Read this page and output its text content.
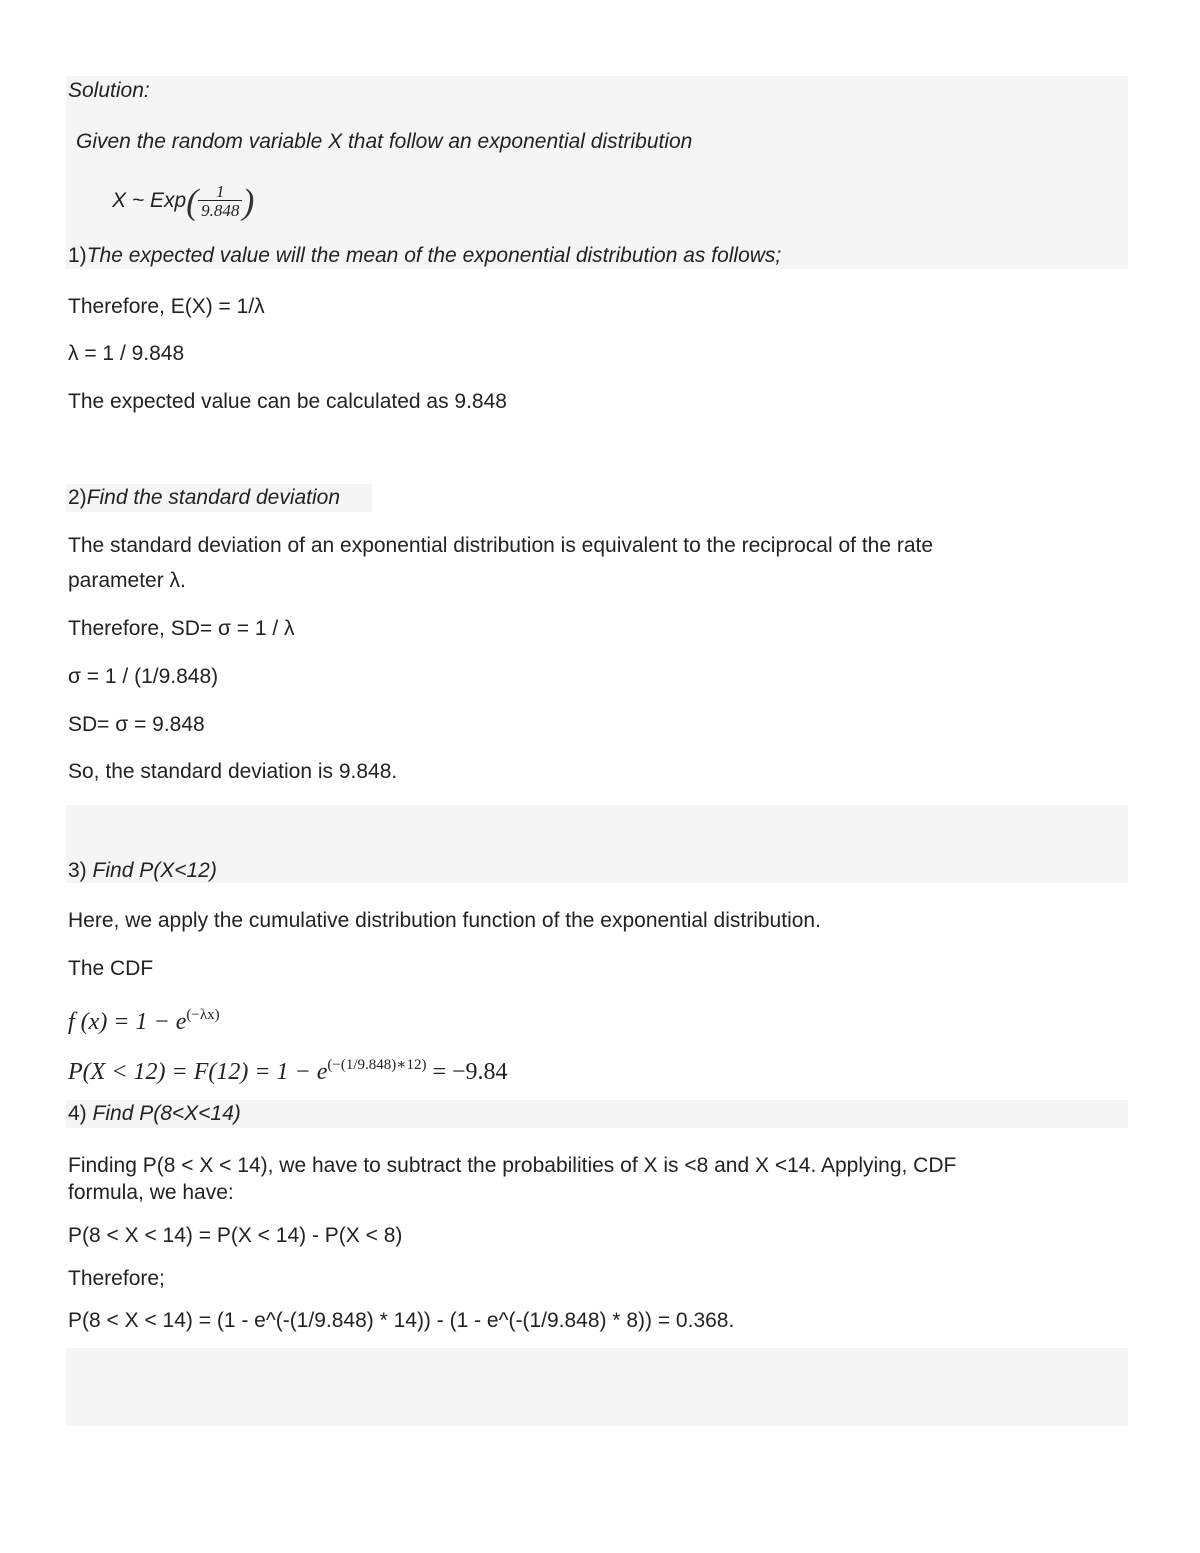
Solution:
Given the random variable X that follow an exponential distribution
X ~ $Exp( \frac{1}{9.848}$ )
1)The expected value will the mean of the exponential distribution as follows;
Therefore, E(X) = 1/λ
λ = 1 / 9.848
The expected value can be calculated as 9.848
2)Find the standard deviation
The standard deviation of an exponential distribution is equivalent to the reciprocal of the rate
parameter λ.
Therefore, SD= σ = 1 / λ
σ = 1 / (1/9.848)
SD= σ = 9.848
So, the standard deviation is 9.848.
3) Find P(X<12)
Here, we apply the cumulative distribution function of the exponential distribution.
The CDF
f $(x) = 1 - e^{(-\lambda x)}$
$P(X < 12) = F(12) = 1 - e^{(-(1/9.848)∗12)} = -9.84$
4) Find P(8<X<14)
Finding P(8 < X < 14), we have to subtract the probabilities of X is <8 and X <14. Applying, CDF
formula, we have:
P(8 < X < 14) = P(X < 14) - P(X < 8)
Therefore;
P(8 < X < 14) = (1 - e^(-(1/9.848) * 14)) - (1 - e^(-(1/9.848) * 8)) = 0.368.
